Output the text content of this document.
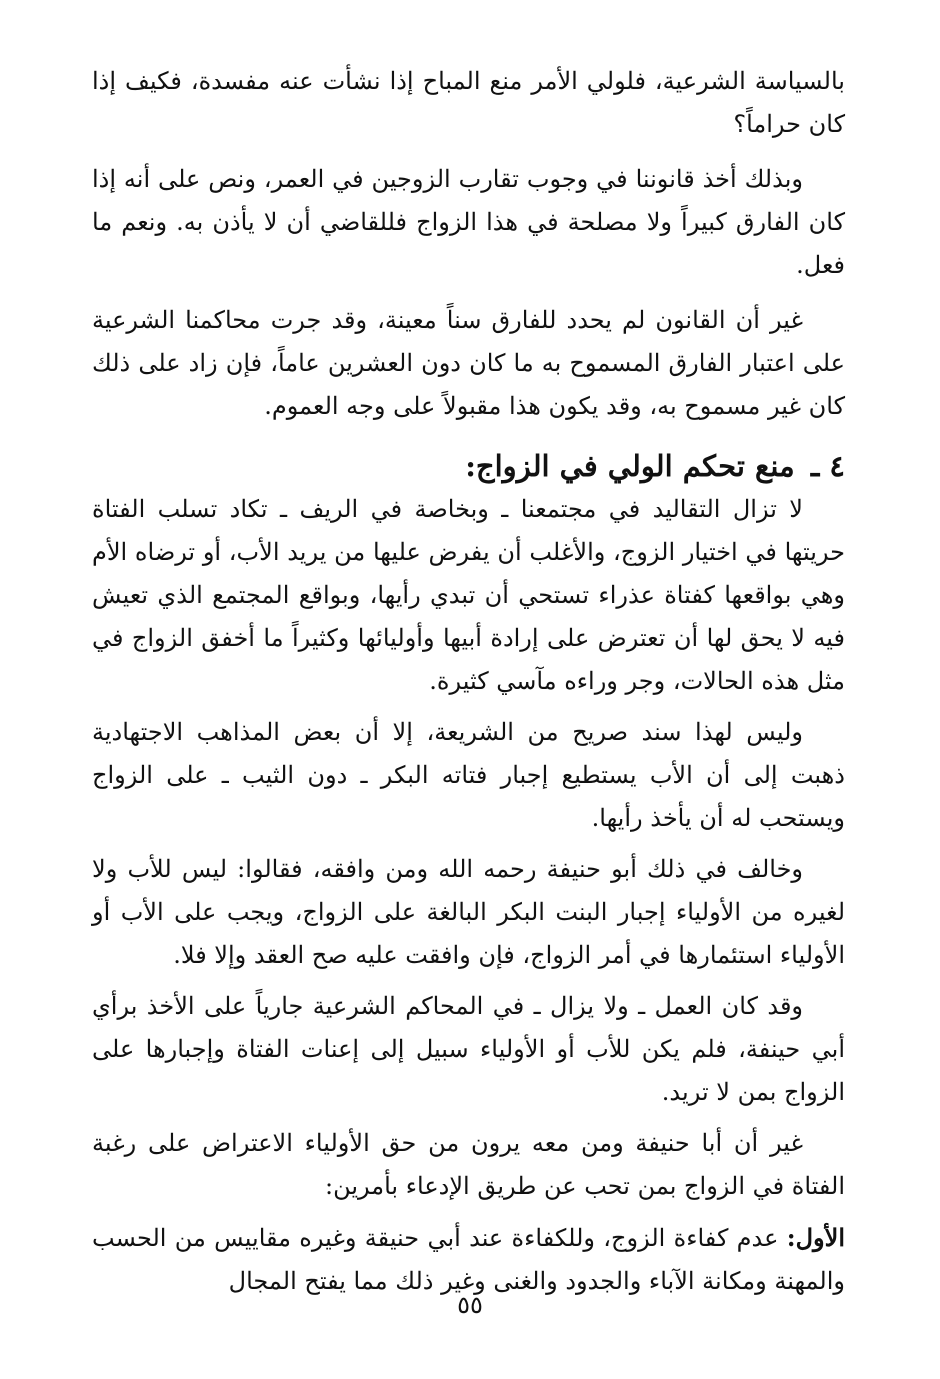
بالسياسة الشرعية، فلولي الأمر منع المباح إذا نشأت عنه مفسدة، فكيف إذا كان حراماً؟

وبذلك أخذ قانوننا في وجوب تقارب الزوجين في العمر، ونص على أنه إذا كان الفارق كبيراً ولا مصلحة في هذا الزواج فللقاضي أن لا يأذن به. ونعم ما فعل.

غير أن القانون لم يحدد للفارق سناً معينة، وقد جرت محاكمنا الشرعية على اعتبار الفارق المسموح به ما كان دون العشرين عاماً، فإن زاد على ذلك كان غير مسموح به، وقد يكون هذا مقبولاً على وجه العموم.

٤ ـ منع تحكم الولي في الزواج:

لا تزال التقاليد في مجتمعنا ـ وبخاصة في الريف ـ تكاد تسلب الفتاة حريتها في اختيار الزوج، والأغلب أن يفرض عليها من يريد الأب، أو ترضاه الأم وهي بواقعها كفتاة عذراء تستحي أن تبدي رأيها، وبواقع المجتمع الذي تعيش فيه لا يحق لها أن تعترض على إرادة أبيها وأوليائها وكثيراً ما أخفق الزواج في مثل هذه الحالات، وجر وراءه مآسي كثيرة.

وليس لهذا سند صريح من الشريعة، إلا أن بعض المذاهب الاجتهادية ذهبت إلى أن الأب يستطيع إجبار فتاته البكر ـ دون الثيب ـ على الزواج ويستحب له أن يأخذ رأيها.

وخالف في ذلك أبو حنيفة رحمه الله ومن وافقه، فقالوا: ليس للأب ولا لغيره من الأولياء إجبار البنت البكر البالغة على الزواج، ويجب على الأب أو الأولياء استئمارها في أمر الزواج، فإن وافقت عليه صح العقد وإلا فلا.

وقد كان العمل ـ ولا يزال ـ في المحاكم الشرعية جارياً على الأخذ برأي أبي حينفة، فلم يكن للأب أو الأولياء سبيل إلى إعنات الفتاة وإجبارها على الزواج بمن لا تريد.

غير أن أبا حنيفة ومن معه يرون من حق الأولياء الاعتراض على رغبة الفتاة في الزواج بمن تحب عن طريق الإدعاء بأمرين:

الأول: عدم كفاءة الزوج، وللكفاءة عند أبي حنيقة وغيره مقاييس من الحسب والمهنة ومكانة الآباء والجدود والغنى وغير ذلك مما يفتح المجال

٥٥
